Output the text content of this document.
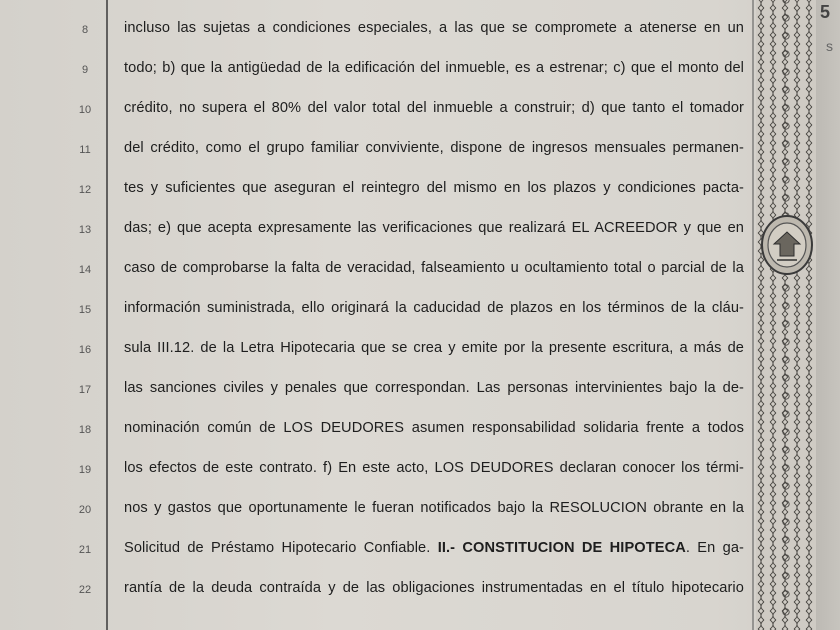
8	incluso las sujetas a condiciones especiales, a las que se compromete a atenerse en un
9	todo; b) que la antigüedad de la edificación del inmueble, es a estrenar; c) que el monto del
10	crédito, no supera el 80% del valor total del inmueble a construir; d) que tanto el tomador
11	del crédito, como el grupo familiar conviviente, dispone de ingresos mensuales permanen-
12	tes y suficientes que aseguran el reintegro del mismo en los plazos y condiciones pacta-
13	das; e) que acepta expresamente las verificaciones que realizará EL ACREEDOR y que en
14	caso de comprobarse la falta de veracidad, falseamiento u ocultamiento total o parcial de la
15	información suministrada, ello originará la caducidad de plazos en los términos de la cláu-
16	sula III.12. de la Letra Hipotecaria que se crea y emite por la presente escritura, a más de
17	las sanciones civiles y penales que correspondan. Las personas intervinientes bajo la de-
18	nominación común de LOS DEUDORES asumen responsabilidad solidaria frente a todos
19	los efectos de este contrato. f) En este acto, LOS DEUDORES declaran conocer los térmi-
20	nos y gastos que oportunamente le fueran notificados bajo la RESOLUCION obrante en la
21	Solicitud de Préstamo Hipotecario Confiable. II.- CONSTITUCION DE HIPOTECA. En ga-
22	rantía de la deuda contraída y de las obligaciones instrumentadas en el título hipotecario
5
s
